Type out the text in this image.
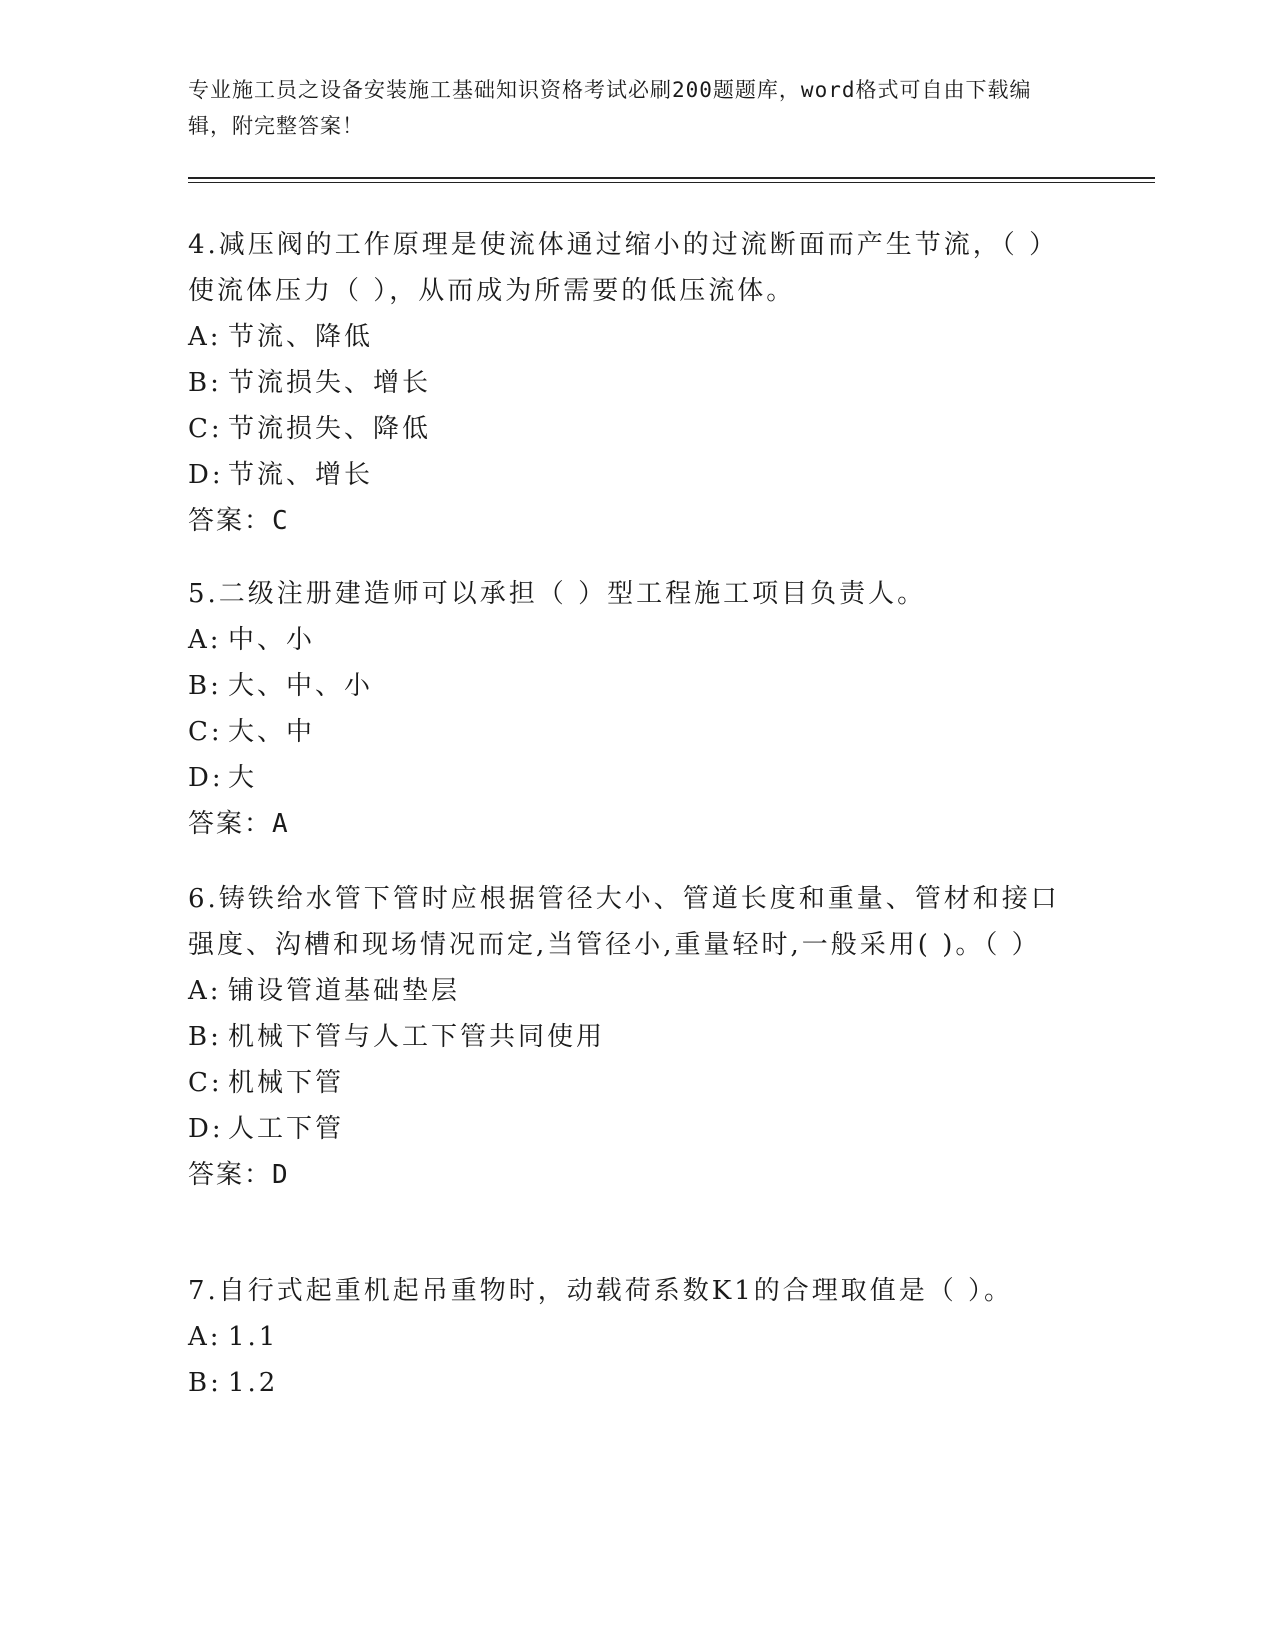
专业施工员之设备安装施工基础知识资格考试必刷200题题库，word格式可自由下载编辑，附完整答案！

4.减压阀的工作原理是使流体通过缩小的过流断面而产生节流，（ ）使流体压力（ ），从而成为所需要的低压流体。

A: 节流、降低
B: 节流损失、增长
C: 节流损失、降低
D: 节流、增长
答案：C

5.二级注册建造师可以承担（ ）型工程施工项目负责人。

A: 中、小
B: 大、中、小
C: 大、中
D: 大
答案：A

6.铸铁给水管下管时应根据管径大小、管道长度和重量、管材和接口强度、沟槽和现场情况而定,当管径小,重量轻时,一般采用( )。（ ）

A: 铺设管道基础垫层
B: 机械下管与人工下管共同使用
C: 机械下管
D: 人工下管
答案：D

7.自行式起重机起吊重物时，动载荷系数K1的合理取值是（ ）。

A: 1.1
B: 1.2
